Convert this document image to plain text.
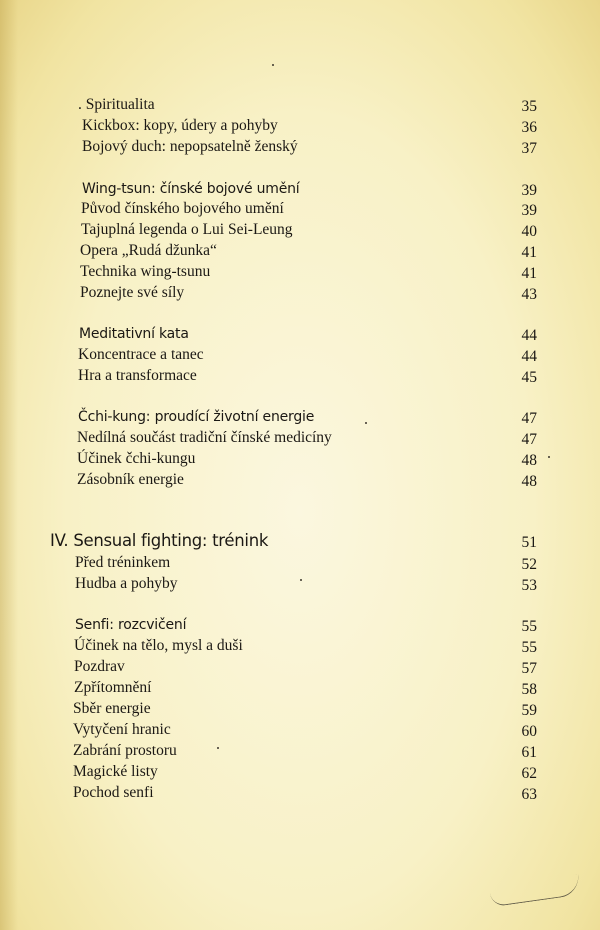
. Spiritualita	35
Kickbox: kopy, údery a pohyby	36
Bojový duch: nepopsatelně ženský	37
Wing-tsun: čínské bojové umění	39
Původ čínského bojového umění	39
Tajuplná legenda o Lui Sei-Leung	40
Opera „Rudá džunka“	41
Technika wing-tsunu	41
Poznejte své síly	43
Meditativní kata	44
Koncentrace a tanec	44
Hra a transformace	45
Čchi-kung: proudící životní energie	47
Nedílná součást tradiční čínské medicíny	47
Účinek čchi-kungu	48
Zásobník energie	48
IV. Sensual fighting: trénink	51
Před tréninkem	52
Hudba a pohyby	53
Senfi: rozcvičení	55
Účinek na tělo, mysl a duši	55
Pozdrav	57
Zpřítomnění	58
Sběr energie	59
Vytyčení hranic	60
Zabrání prostoru	61
Magické listy	62
Pochod senfi	63
